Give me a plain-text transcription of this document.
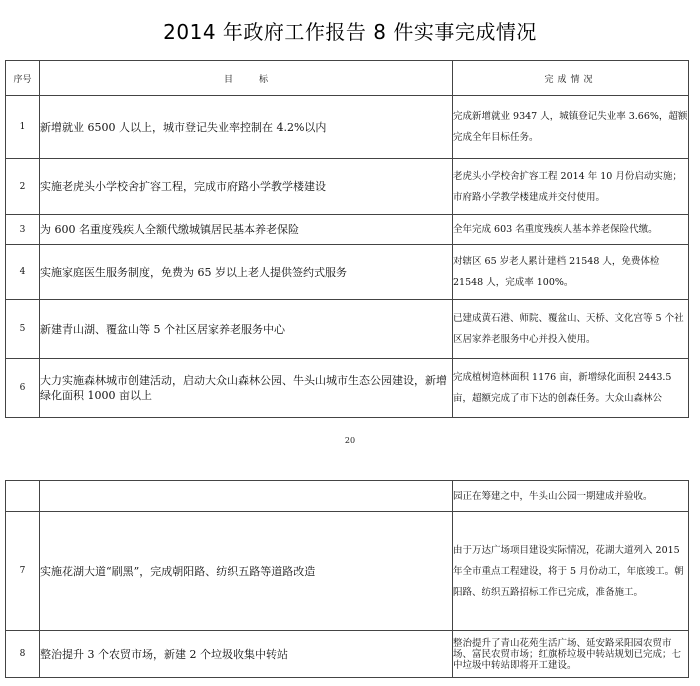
2014 年政府工作报告 8 件实事完成情况
序号	目标	完成情况
1	新增就业 6500 人以上，城市登记失业率控制在 4.2%以内	完成新增就业 9347 人，城镇登记失业率 3.66%，超额完成全年目标任务。
2	实施老虎头小学校舍扩容工程，完成市府路小学教学楼建设	老虎头小学校舍扩容工程 2014 年 10 月份启动实施；市府路小学教学楼建成并交付使用。
3	为 600 名重度残疾人全额代缴城镇居民基本养老保险	全年完成 603 名重度残疾人基本养老保险代缴。
4	实施家庭医生服务制度，免费为 65 岁以上老人提供签约式服务	对辖区 65 岁老人累计建档 21548 人，免费体检 21548 人，完成率 100%。
5	新建青山湖、覆盆山等 5 个社区居家养老服务中心	已建成黄石港、师院、覆盆山、天桥、文化宫等 5 个社区居家养老服务中心并投入使用。
6	大力实施森林城市创建活动，启动大众山森林公园、牛头山城市生态公园建设，新增绿化面积 1000 亩以上	完成植树造林面积 1176 亩，新增绿化面积 2443.5 亩，超额完成了市下达的创森任务。大众山森林公
20
		园正在筹建之中，牛头山公园一期建成并验收。
7	实施花湖大道“刷黑”，完成朝阳路、纺织五路等道路改造	由于万达广场项目建设实际情况，花湖大道列入 2015 年全市重点工程建设，将于 5 月份动工，年底竣工。朝阳路、纺织五路招标工作已完成，准备施工。
8	整治提升 3 个农贸市场，新建 2 个垃圾收集中转站	整治提升了青山花苑生活广场、延安路采阳园农贸市场、富民农贸市场；红旗桥垃圾中转站规划已完成；七中垃圾中转站即将开工建设。
